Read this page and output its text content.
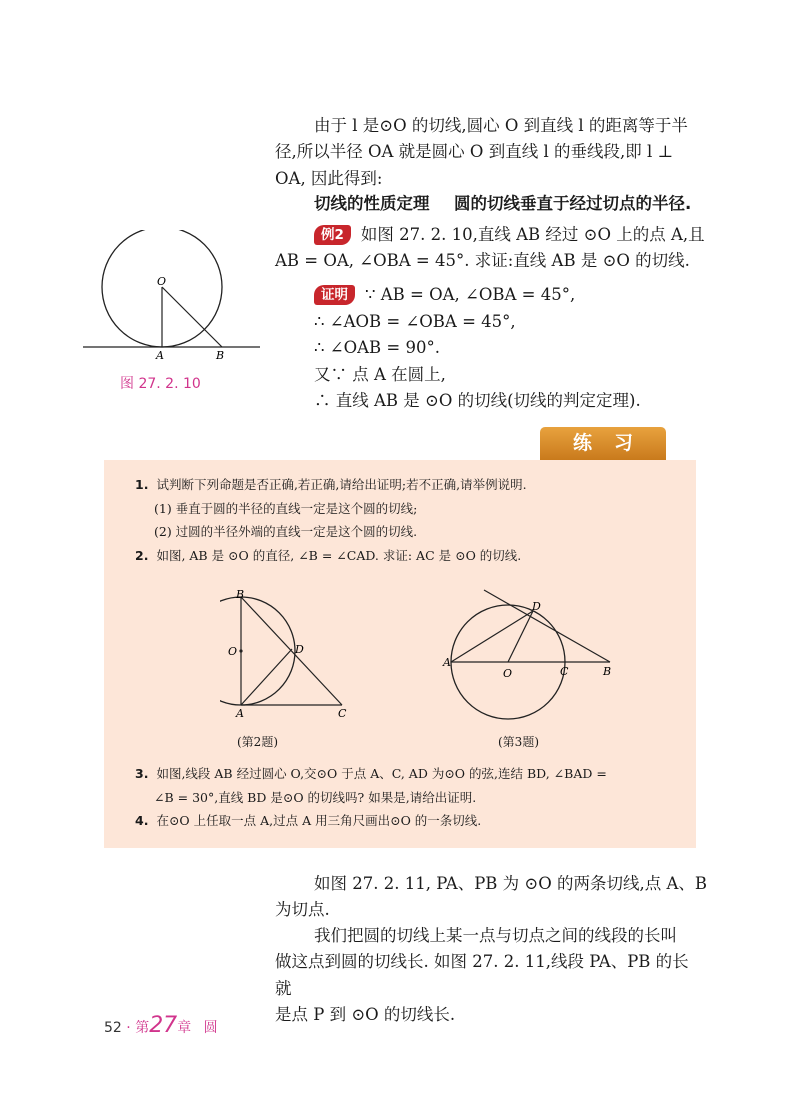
由于 l 是⊙O 的切线,圆心 O 到直线 l 的距离等于半
径,所以半径 OA 就是圆心 O 到直线 l 的垂线段,即 l ⊥
OA, 因此得到:
切线的性质定理 圆的切线垂直于经过切点的半径.
例2 如图 27. 2. 10,直线 AB 经过 ⊙O 上的点 A,且
AB = OA, ∠OBA = 45°. 求证:直线 AB 是 ⊙O 的切线.
证明 ∵ AB = OA, ∠OBA = 45°,
∴ ∠AOB = ∠OBA = 45°,
∴ ∠OAB = 90°.
又∵ 点 A 在圆上,
∴ 直线 AB 是 ⊙O 的切线(切线的判定定理).
O
A	B
图 27. 2. 10
练习
1. 试判断下列命题是否正确,若正确,请给出证明;若不正确,请举例说明.
(1) 垂直于圆的半径的直线一定是这个圆的切线;
(2) 过圆的半径外端的直线一定是这个圆的切线.
2. 如图, AB 是 ⊙O 的直径, ∠B = ∠CAD. 求证: AC 是 ⊙O 的切线.
B
O	D
A	C
(第2题)
D
A
O	C	B
(第3题)
3. 如图,线段 AB 经过圆心 O,交⊙O 于点 A、C, AD 为⊙O 的弦,连结 BD, ∠BAD =
∠B = 30°,直线 BD 是⊙O 的切线吗? 如果是,请给出证明.
4. 在⊙O 上任取一点 A,过点 A 用三角尺画出⊙O 的一条切线.
如图 27. 2. 11, PA、PB 为 ⊙O 的两条切线,点 A、B
为切点.
我们把圆的切线上某一点与切点之间的线段的长叫
做这点到圆的切线长. 如图 27. 2. 11,线段 PA、PB 的长就
是点 P 到 ⊙O 的切线长.
52 · 第27章 圆
